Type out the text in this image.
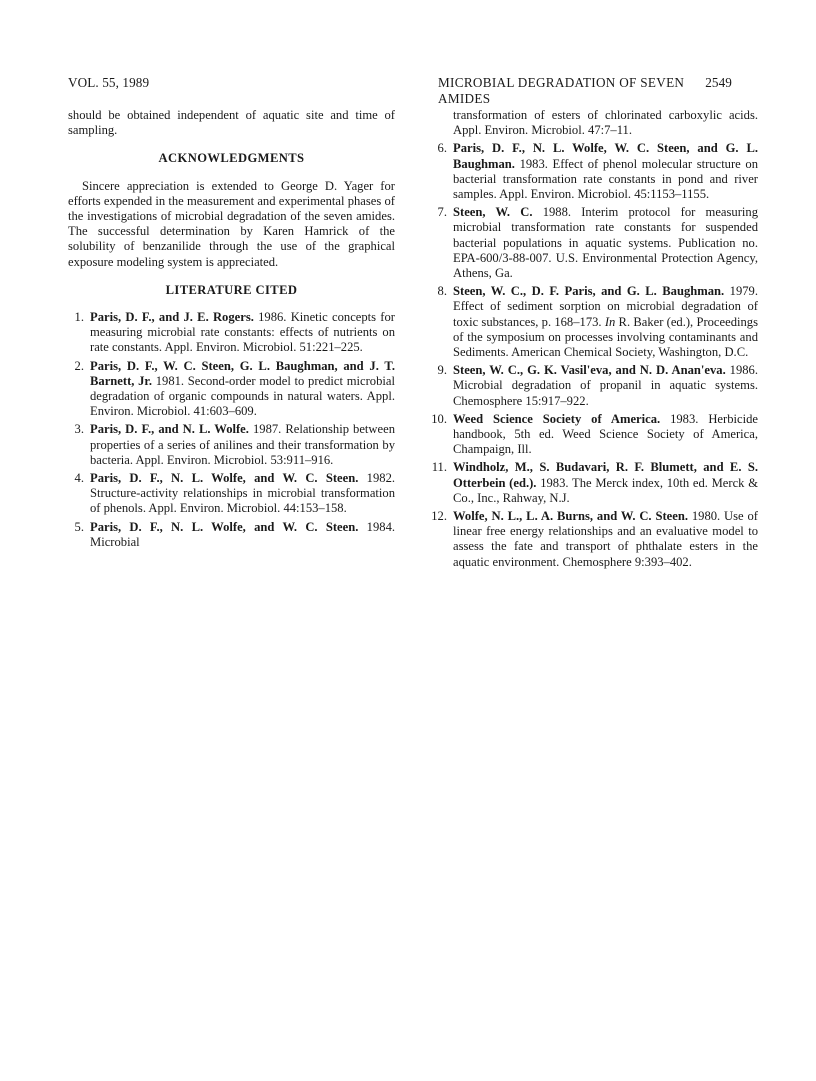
VOL. 55, 1989	MICROBIAL DEGRADATION OF SEVEN AMIDES
2549

should be obtained independent of aquatic site and time of sampling.

ACKNOWLEDGMENTS

Sincere appreciation is extended to George D. Yager for efforts expended in the measurement and experimental phases of the investigations of microbial degradation of the seven amides. The successful determination by Karen Hamrick of the solubility of benzanilide through the use of the graphical exposure modeling system is appreciated.

LITERATURE CITED
1. Paris, D. F., and J. E. Rogers. 1986. Kinetic concepts for measuring microbial rate constants: effects of nutrients on rate constants. Appl. Environ. Microbiol. 51:221–225.
2. Paris, D. F., W. C. Steen, G. L. Baughman, and J. T. Barnett, Jr. 1981. Second-order model to predict microbial degradation of organic compounds in natural waters. Appl. Environ. Microbiol. 41:603–609.
3. Paris, D. F., and N. L. Wolfe. 1987. Relationship between properties of a series of anilines and their transformation by bacteria. Appl. Environ. Microbiol. 53:911–916.
4. Paris, D. F., N. L. Wolfe, and W. C. Steen. 1982. Structure-activity relationships in microbial transformation of phenols. Appl. Environ. Microbiol. 44:153–158.
5. Paris, D. F., N. L. Wolfe, and W. C. Steen. 1984. Microbial
transformation of esters of chlorinated carboxylic acids. Appl. Environ. Microbiol. 47:7–11.
6. Paris, D. F., N. L. Wolfe, W. C. Steen, and G. L. Baughman. 1983. Effect of phenol molecular structure on bacterial transformation rate constants in pond and river samples. Appl. Environ. Microbiol. 45:1153–1155.
7. Steen, W. C. 1988. Interim protocol for measuring microbial transformation rate constants for suspended bacterial populations in aquatic systems. Publication no. EPA-600/3-88-007. U.S. Environmental Protection Agency, Athens, Ga.
8. Steen, W. C., D. F. Paris, and G. L. Baughman. 1979. Effect of sediment sorption on microbial degradation of toxic substances, p. 168–173. In R. Baker (ed.), Proceedings of the symposium on processes involving contaminants and Sediments. American Chemical Society, Washington, D.C.
9. Steen, W. C., G. K. Vasil'eva, and N. D. Anan'eva. 1986. Microbial degradation of propanil in aquatic systems. Chemosphere 15:917–922.
10. Weed Science Society of America. 1983. Herbicide handbook, 5th ed. Weed Science Society of America, Champaign, Ill.
11. Windholz, M., S. Budavari, R. F. Blumett, and E. S. Otterbein (ed.). 1983. The Merck index, 10th ed. Merck & Co., Inc., Rahway, N.J.
12. Wolfe, N. L., L. A. Burns, and W. C. Steen. 1980. Use of linear free energy relationships and an evaluative model to assess the fate and transport of phthalate esters in the aquatic environment. Chemosphere 9:393–402.
